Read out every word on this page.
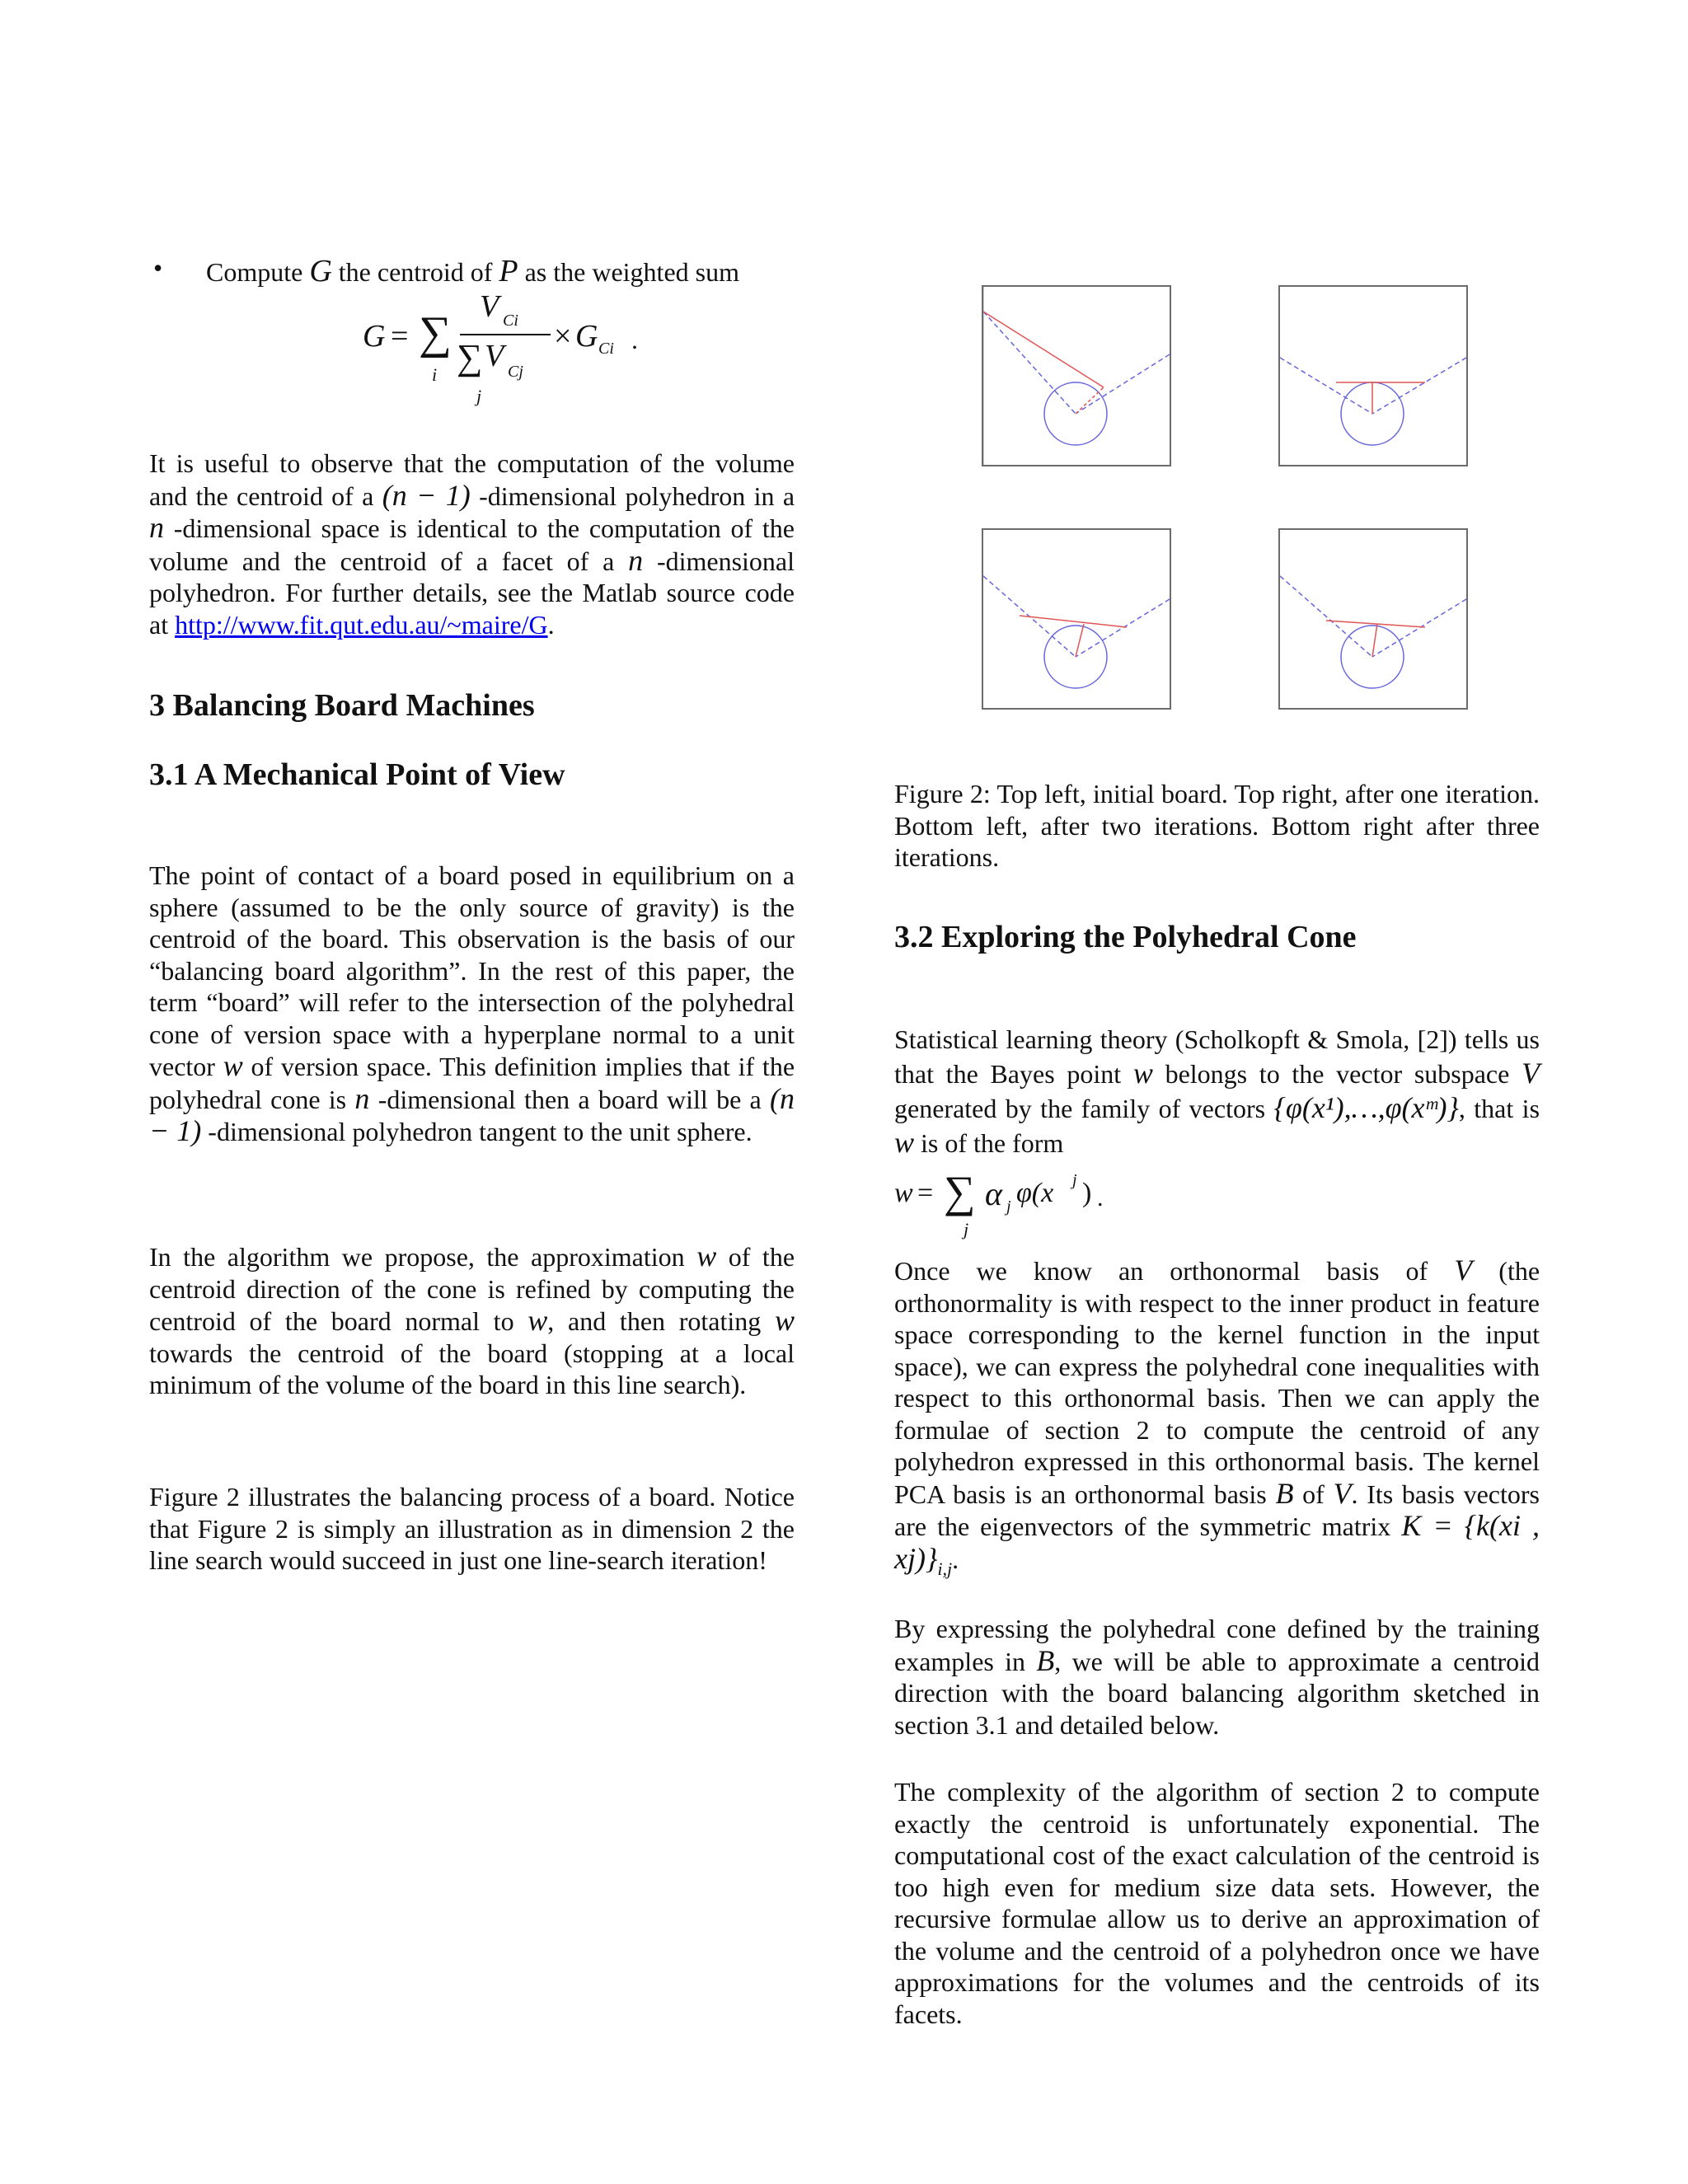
• Compute G the centroid of P as the weighted sum
G = ∑
i
V Ci
∑ V Cj
j
× G Ci .
It is useful to observe that the computation of the volume and the centroid of a (n − 1) -dimensional polyhedron in a n -dimensional space is identical to the computation of the volume and the centroid of a facet of a n -dimensional polyhedron. For further details, see the Matlab source code at http://www.fit.qut.edu.au/~maire/G.
3 Balancing Board Machines
3.1 A Mechanical Point of View
The point of contact of a board posed in equilibrium on a sphere (assumed to be the only source of gravity) is the centroid of the board. This observation is the basis of our “balancing board algorithm”. In the rest of this paper, the term “board” will refer to the intersection of the polyhedral cone of version space with a hyperplane normal to a unit vector w of version space. This definition implies that if the polyhedral cone is n -dimensional then a board will be a (n − 1) -dimensional polyhedron tangent to the unit sphere.
In the algorithm we propose, the approximation w of the centroid direction of the cone is refined by computing the centroid of the board normal to w, and then rotating w towards the centroid of the board (stopping at a local minimum of the volume of the board in this line search).
Figure 2 illustrates the balancing process of a board. Notice that Figure 2 is simply an illustration as in dimension 2 the line search would succeed in just one line-search iteration!
Figure 2: Top left, initial board. Top right, after one iteration. Bottom left, after two iterations. Bottom right after three iterations.
3.2 Exploring the Polyhedral Cone
Statistical learning theory (Scholkopft & Smola, [2]) tells us that the Bayes point w belongs to the vector subspace V generated by the family of vectors {φ(x¹),…,φ(xᵐ)}, that is w is of the form
w = ∑
j
α j φ(x j ) .
Once we know an orthonormal basis of V (the orthonormality is with respect to the inner product in feature space corresponding to the kernel function in the input space), we can express the polyhedral cone inequalities with respect to this orthonormal basis. Then we can apply the formulae of section 2 to compute the centroid of any polyhedron expressed in this orthonormal basis. The kernel PCA basis is an orthonormal basis B of V. Its basis vectors are the eigenvectors of the symmetric matrix K = {k(xi , $xj)\}_{i,j}$.
By expressing the polyhedral cone defined by the training examples in B, we will be able to approximate a centroid direction with the board balancing algorithm sketched in section 3.1 and detailed below.
The complexity of the algorithm of section 2 to compute exactly the centroid is unfortunately exponential. The computational cost of the exact calculation of the centroid is too high even for medium size data sets. However, the recursive formulae allow us to derive an approximation of the volume and the centroid of a polyhedron once we have approximations for the volumes and the centroids of its facets.
